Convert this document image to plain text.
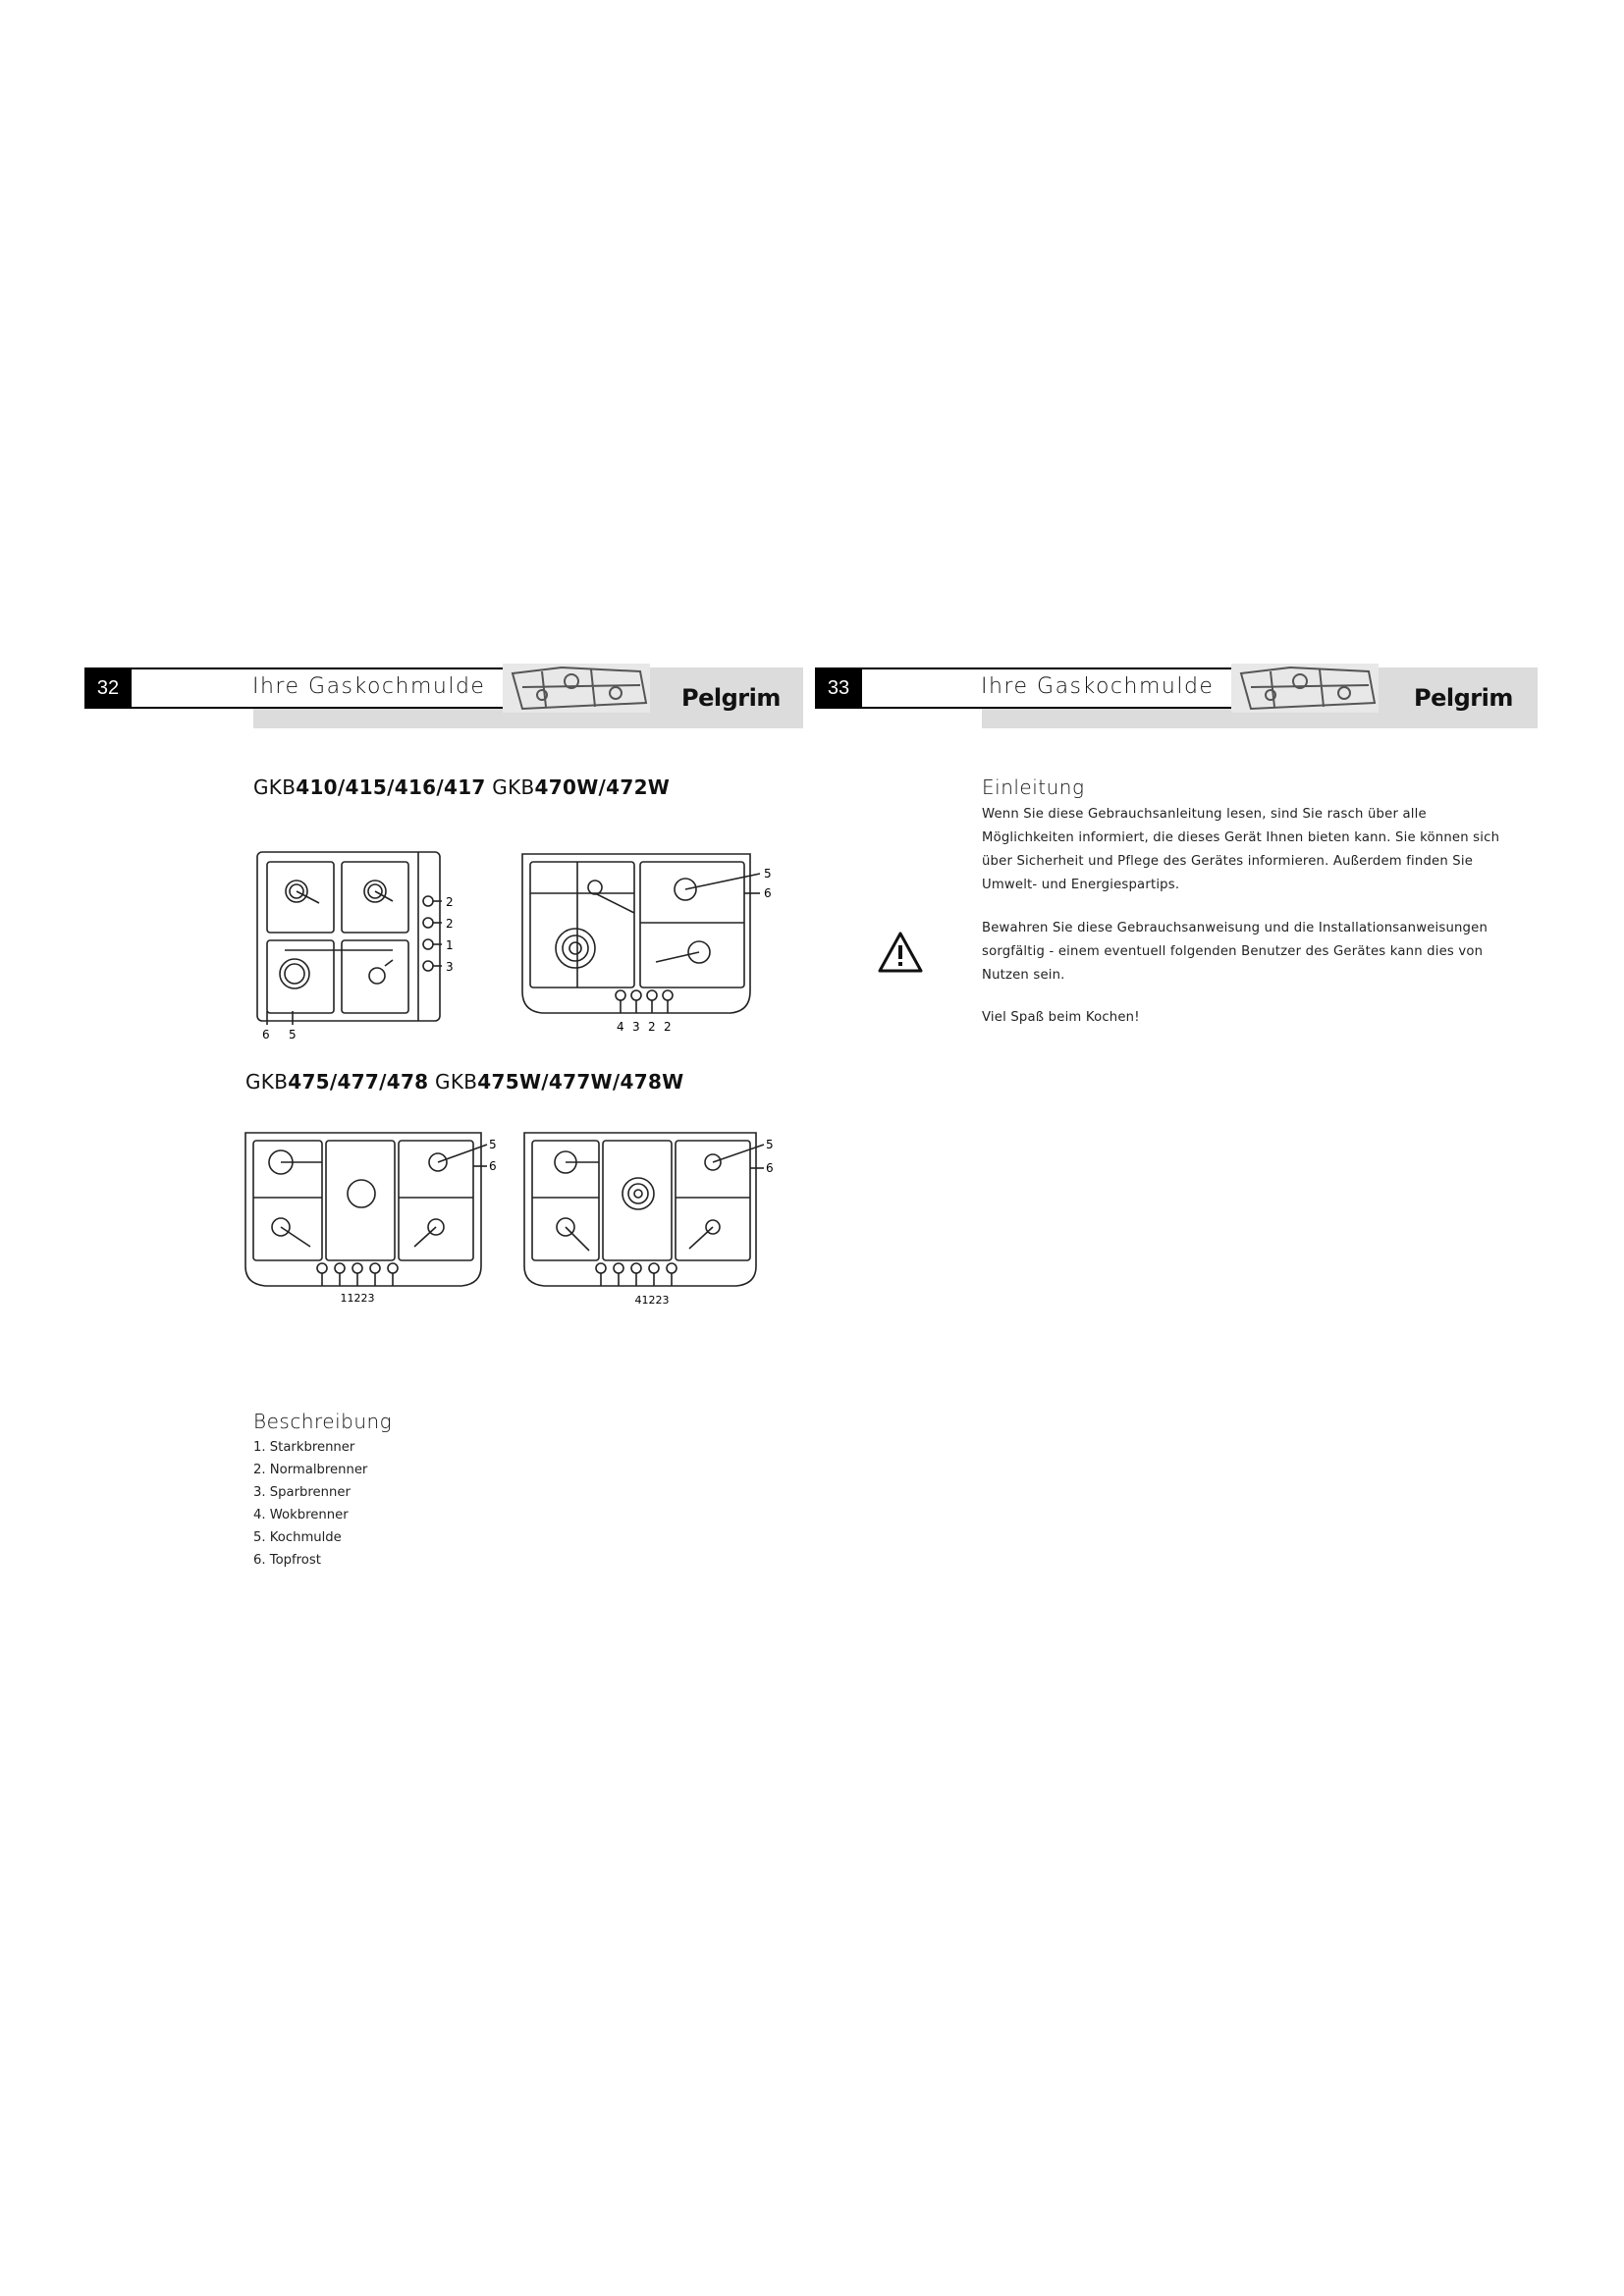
32	Ihre Gaskochmulde	Pelgrim	33	Ihre Gaskochmulde	Pelgrim
GKB410/415/416/417 GKB470W/472W
2
2
1
3
6 5
5
6
4 3 2 2
GKB475/477/478 GKB475W/477W/478W
5
6
11223
5
6
41223
Beschreibung
1. Starkbrenner
2. Normalbrenner
3. Sparbrenner
4. Wokbrenner
5. Kochmulde
6. Topfrost
Einleitung
Wenn Sie diese Gebrauchsanleitung lesen, sind Sie rasch über alle
Möglichkeiten informiert, die dieses Gerät Ihnen bieten kann. Sie können sich
über Sicherheit und Pflege des Gerätes informieren. Außerdem finden Sie
Umwelt- und Energiespartips.
Bewahren Sie diese Gebrauchsanweisung und die Installationsanweisungen
sorgfältig - einem eventuell folgenden Benutzer des Gerätes kann dies von
Nutzen sein.
Viel Spaß beim Kochen!
